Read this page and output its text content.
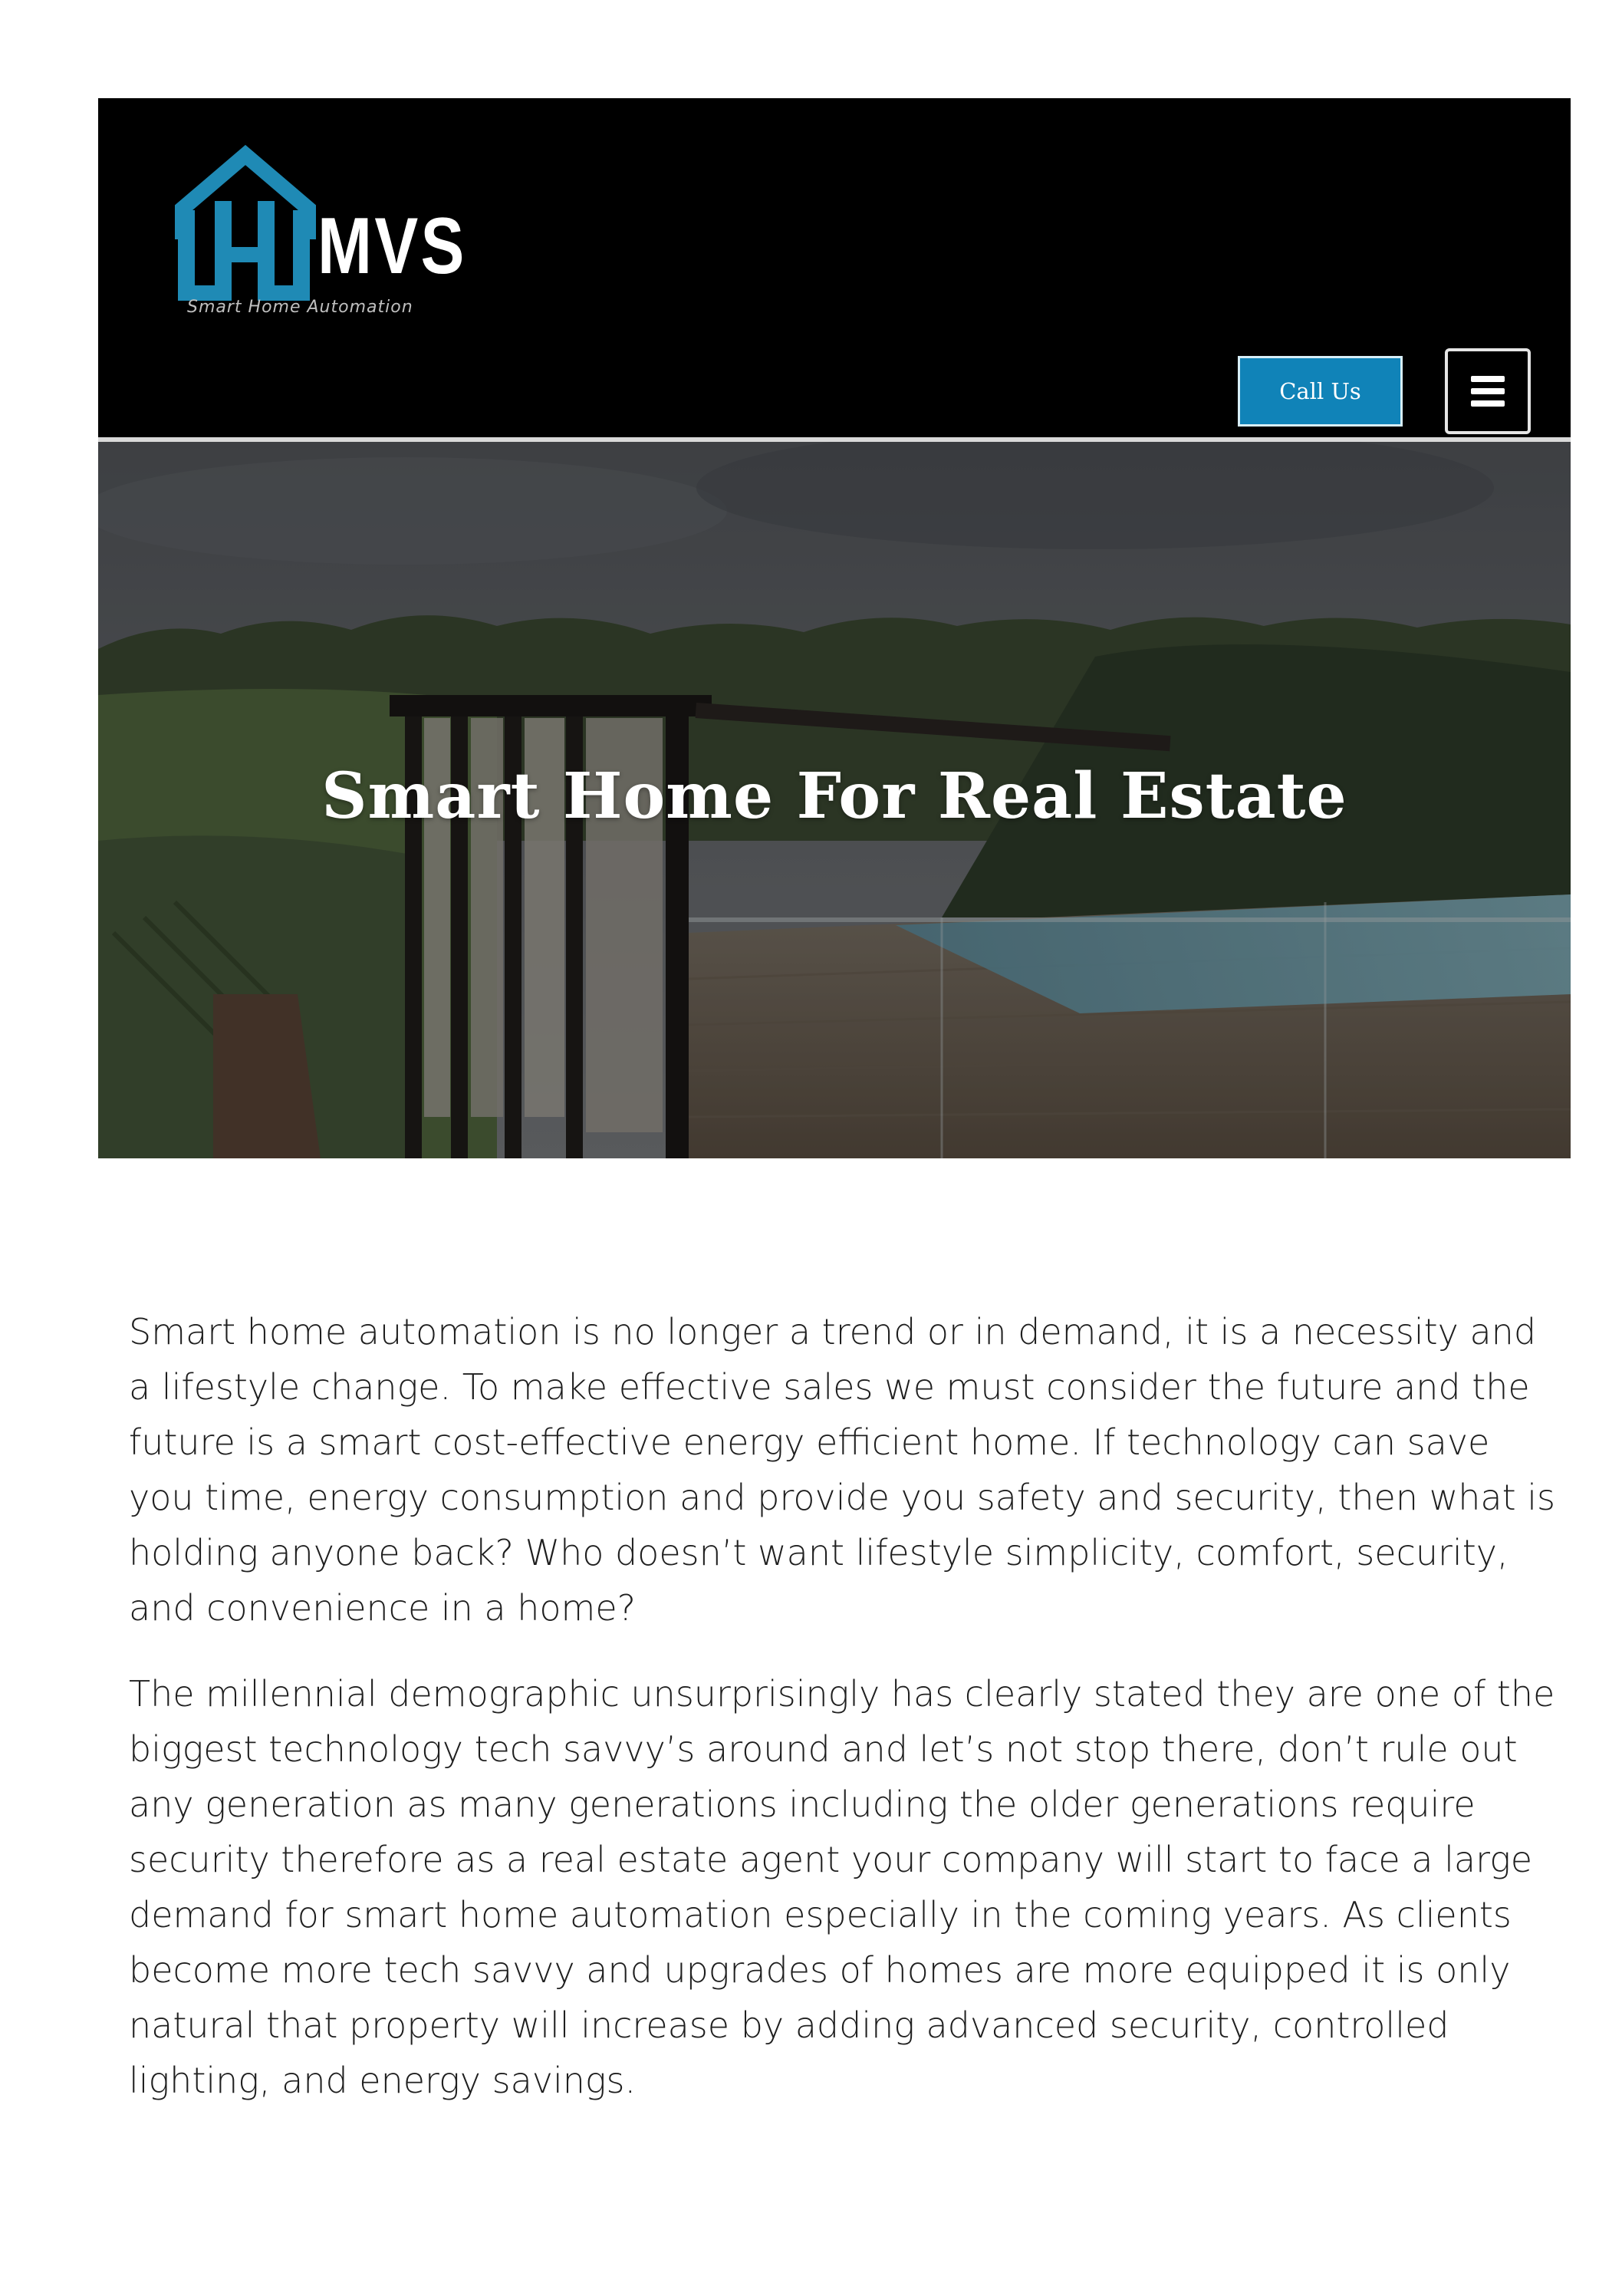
MVS
Smart Home Automation
Call Us
Smart Home For Real Estate

Smart home automation is no longer a trend or in demand, it is a necessity and a lifestyle change. To make effective sales we must consider the future and the future is a smart cost-effective energy efficient home. If technology can save you time, energy consumption and provide you safety and security, then what is holding anyone back? Who doesn’t want lifestyle simplicity, comfort, security, and convenience in a home?

The millennial demographic unsurprisingly has clearly stated they are one of the biggest technology tech savvy’s around and let’s not stop there, don’t rule out any generation as many generations including the older generations require security therefore as a real estate agent your company will start to face a large demand for smart home automation especially in the coming years. As clients become more tech savvy and upgrades of homes are more equipped it is only natural that property will increase by adding advanced security, controlled lighting, and energy savings.
